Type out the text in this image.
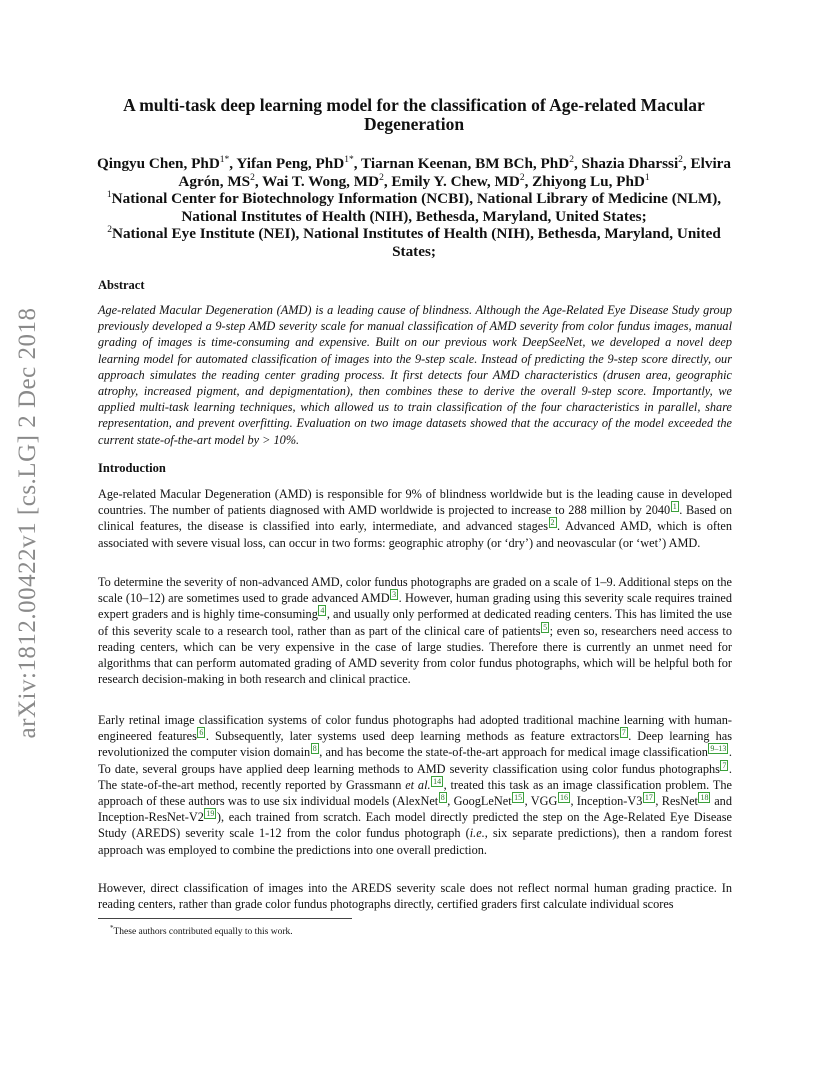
arXiv:1812.00422v1 [cs.LG] 2 Dec 2018
A multi-task deep learning model for the classification of Age-related Macular Degeneration
Qingyu Chen, PhD$^{1*}$, Yifan Peng, PhD$^{1*}$, Tiarnan Keenan, BM BCh, PhD$^2$, Shazia Dharssi$^2$, Elvira Agrón, $MS^2$, Wai T. Wong, $MD^2$, Emily Y. Chew, $MD^2$, Zhiyong Lu, PhD$^1$
$^1$National Center for Biotechnology Information (NCBI), National Library of Medicine (NLM), National Institutes of Health (NIH), Bethesda, Maryland, United States;
$^2$National Eye Institute (NEI), National Institutes of Health (NIH), Bethesda, Maryland, United States;
Abstract
Age-related Macular Degeneration (AMD) is a leading cause of blindness. Although the Age-Related Eye Disease Study group previously developed a 9-step AMD severity scale for manual classification of AMD severity from color fundus images, manual grading of images is time-consuming and expensive. Built on our previous work DeepSeeNet, we developed a novel deep learning model for automated classification of images into the 9-step scale. Instead of predicting the 9-step score directly, our approach simulates the reading center grading process. It first detects four AMD characteristics (drusen area, geographic atrophy, increased pigment, and depigmentation), then combines these to derive the overall 9-step score. Importantly, we applied multi-task learning techniques, which allowed us to train classification of the four characteristics in parallel, share representation, and prevent overfitting. Evaluation on two image datasets showed that the accuracy of the model exceeded the current state-of-the-art model by > 10%.
Introduction
Age-related Macular Degeneration (AMD) is responsible for 9% of blindness worldwide but is the leading cause in developed countries. The number of patients diagnosed with AMD worldwide is projected to increase to 288 million by 2040 $^1$ . Based on clinical features, the disease is classified into early, intermediate, and advanced stages $^2$ . Advanced AMD, which is often associated with severe visual loss, can occur in two forms: geographic atrophy (or ‘dry’) and neovascular (or ‘wet’) AMD.
To determine the severity of non-advanced AMD, color fundus photographs are graded on a scale of 1–9. Additional steps on the scale (10–12) are sometimes used to grade advanced AMD $^3$ . However, human grading using this severity scale requires trained expert graders and is highly time-consuming $^4$ , and usually only performed at dedicated reading centers. This has limited the use of this severity scale to a research tool, rather than as part of the clinical care of patients $^5$ ; even so, researchers need access to reading centers, which can be very expensive in the case of large studies. Therefore there is currently an unmet need for algorithms that can perform automated grading of AMD severity from color fundus photographs, which will be helpful both for research decision-making in both research and clinical practice.
Early retinal image classification systems of color fundus photographs had adopted traditional machine learning with human-engineered features $^6$ . Subsequently, later systems used deep learning methods as feature extractors $^7$ . Deep learning has revolutionized the computer vision domain $^8$ , and has become the state-of-the-art approach for medical image classification $^{9-13}$ . To date, several groups have applied deep learning methods to AMD severity classification using color fundus photographs $^7$ . The state-of-the-art method, recently reported by Grassmann et al. $^{14}$ , treated this task as an image classification problem. The approach of these authors was to use six individual models (AlexNet $^8$ , GoogLeNet $^{15}$ , VGG $^{16}$ , Inception-V3 $^{17}$ , ResNet $^{18}$ and Inception-ResNet-V2 $^{19}$ ), each trained from scratch. Each model directly predicted the step on the Age-Related Eye Disease Study (AREDS) severity scale 1-12 from the color fundus photograph (i.e., six separate predictions), then a random forest approach was employed to combine the predictions into one overall prediction.
However, direct classification of images into the AREDS severity scale does not reflect normal human grading practice. In reading centers, rather than grade color fundus photographs directly, certified graders first calculate individual scores
*These authors contributed equally to this work.
